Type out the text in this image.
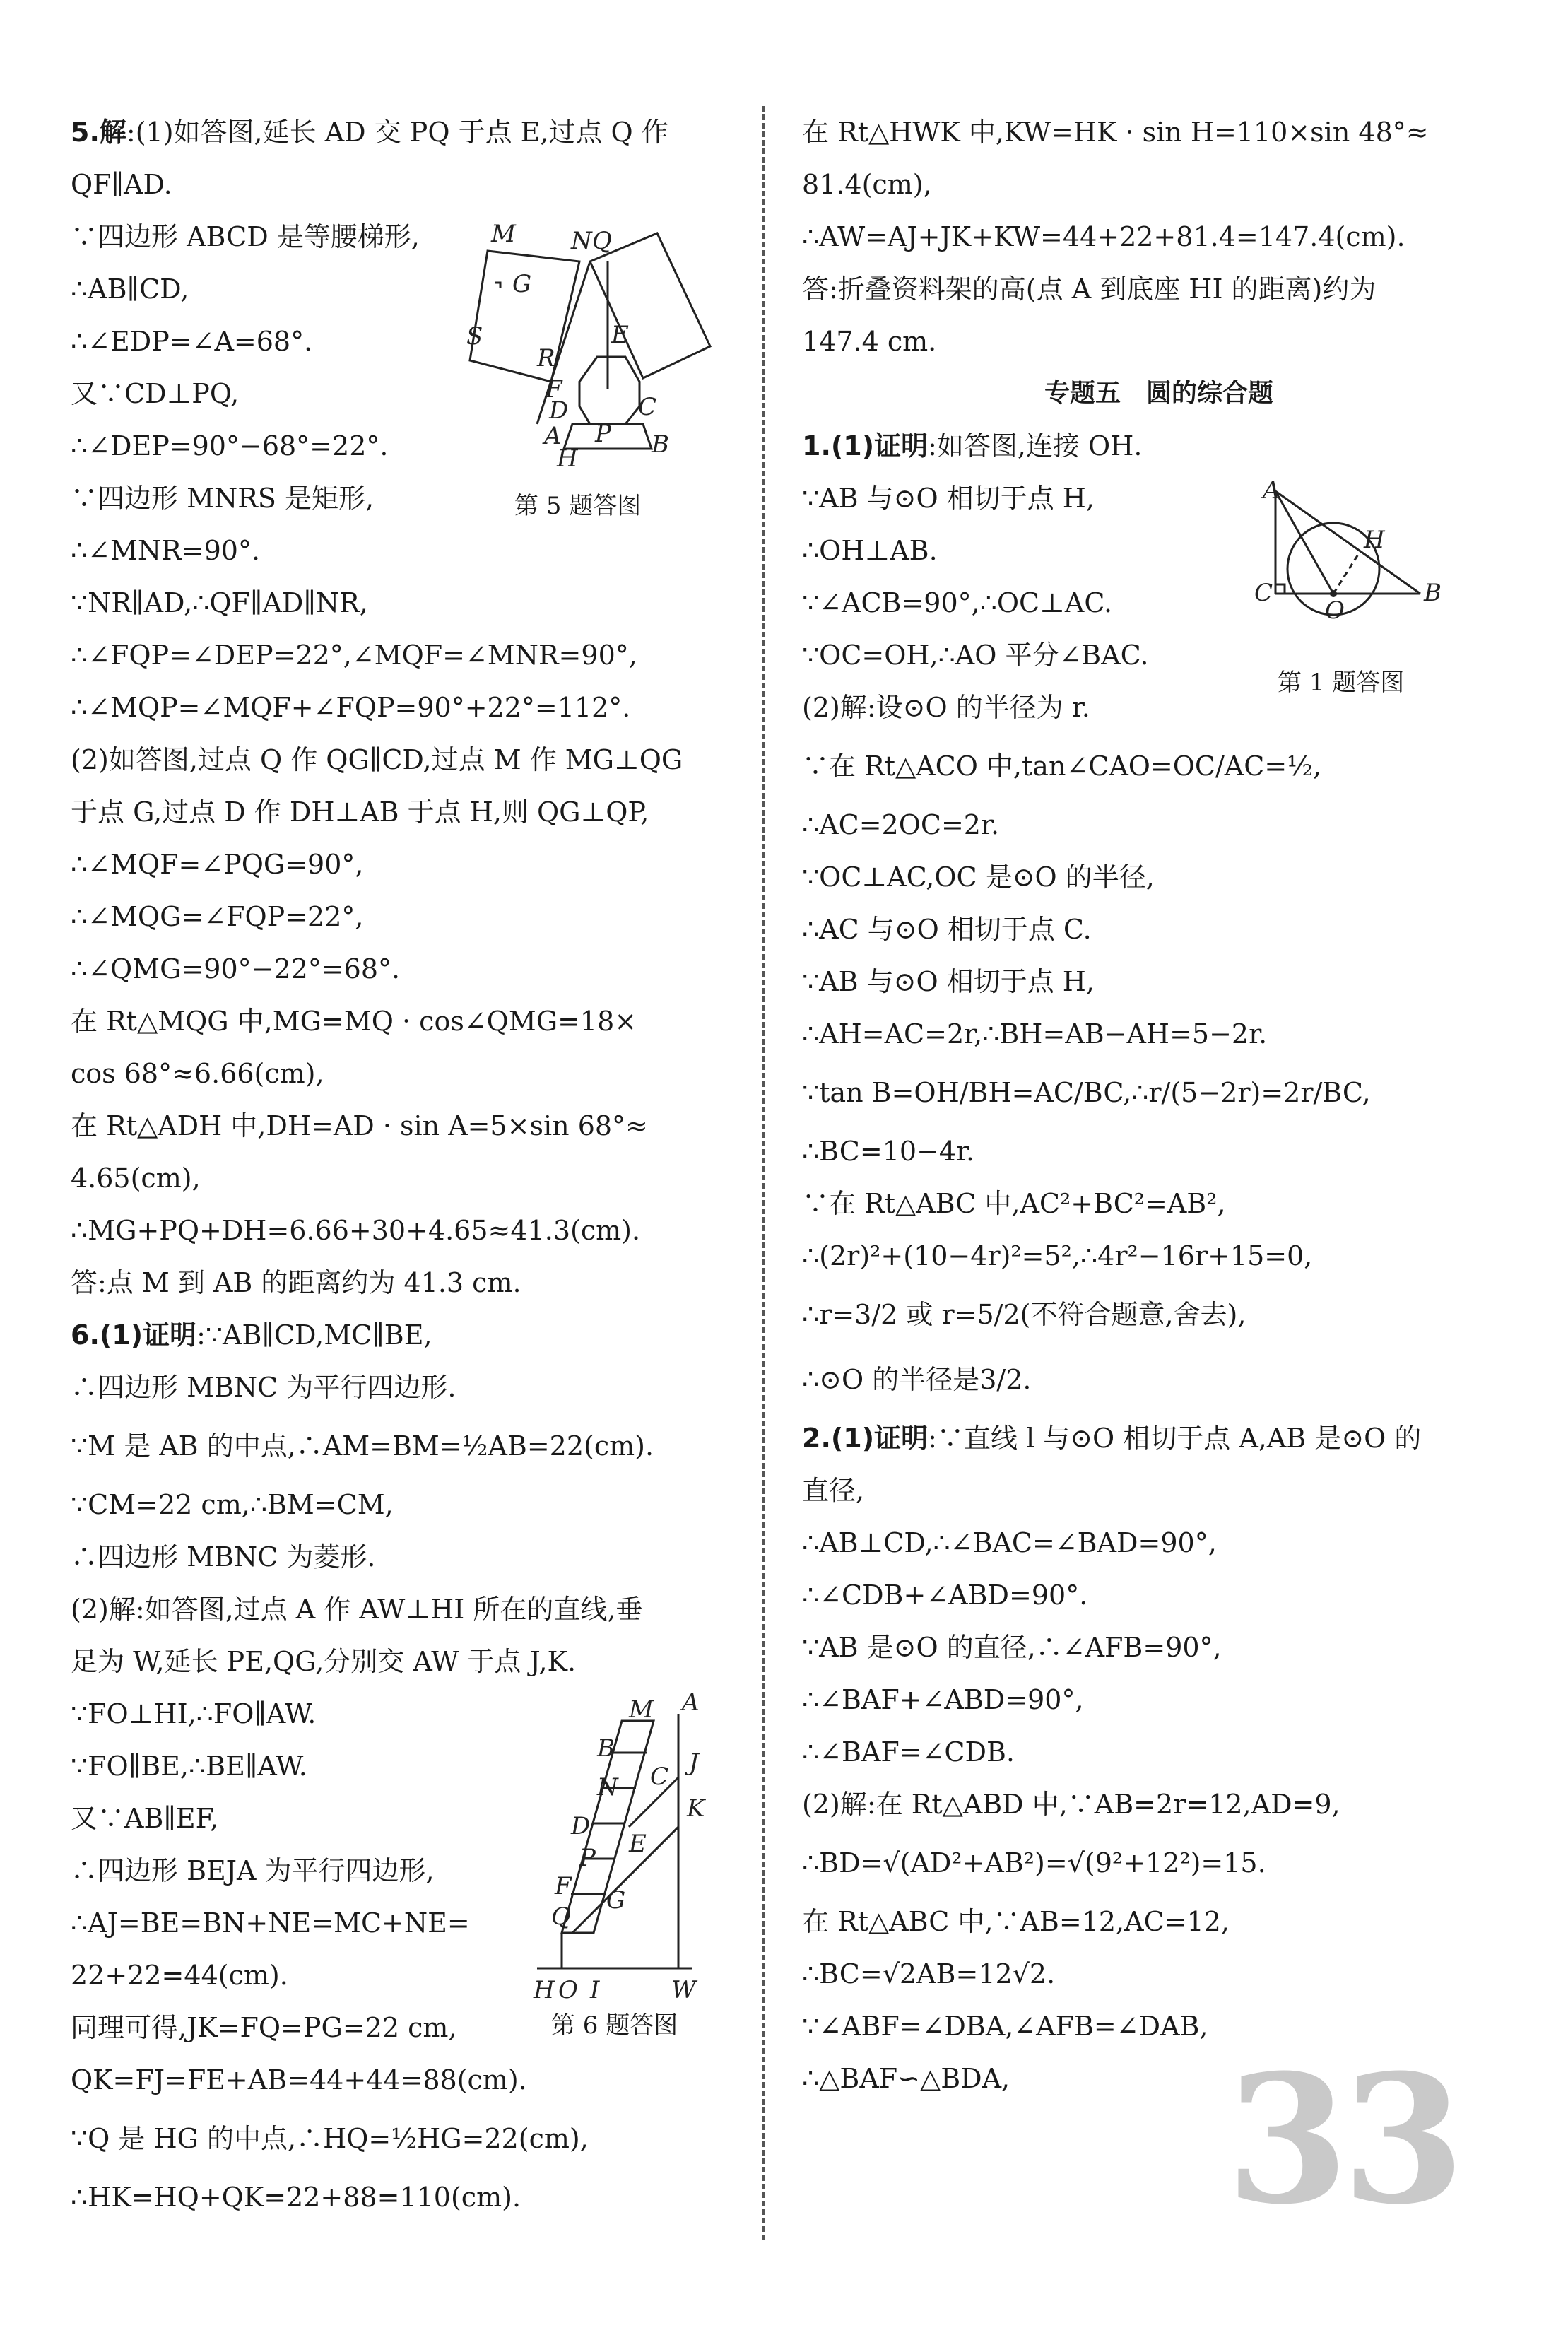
5.解:(1)如答图,延长 AD 交 PQ 于点 E,过点 Q 作
QF∥AD.
∵四边形 ABCD 是等腰梯形,
∴AB∥CD,
∴∠EDP=∠A=68°.
又∵CD⊥PQ,
∴∠DEP=90°−68°=22°.
∵四边形 MNRS 是矩形,
∴∠MNR=90°.
∵NR∥AD,∴QF∥AD∥NR,
∴∠FQP=∠DEP=22°,∠MQF=∠MNR=90°,
∴∠MQP=∠MQF+∠FQP=90°+22°=112°.
(2)如答图,过点 Q 作 QG∥CD,过点 M 作 MG⊥QG
于点 G,过点 D 作 DH⊥AB 于点 H,则 QG⊥QP,
∴∠MQF=∠PQG=90°,
∴∠MQG=∠FQP=22°,
∴∠QMG=90°−22°=68°.
在 Rt△MQG 中,MG=MQ · cos∠QMG=18×
cos 68°≈6.66(cm),
在 Rt△ADH 中,DH=AD · sin A=5×sin 68°≈
4.65(cm),
∴MG+PQ+DH=6.66+30+4.65≈41.3(cm).
答:点 M 到 AB 的距离约为 41.3 cm.
6.(1)证明:∵AB∥CD,MC∥BE,
∴四边形 MBNC 为平行四边形.
∵M 是 AB 的中点,∴AM=BM=½AB=22(cm).
∵CM=22 cm,∴BM=CM,
∴四边形 MBNC 为菱形.
(2)解:如答图,过点 A 作 AW⊥HI 所在的直线,垂
足为 W,延长 PE,QG,分别交 AW 于点 J,K.
∵FO⊥HI,∴FO∥AW.
∵FO∥BE,∴BE∥AW.
又∵AB∥EF,
∴四边形 BEJA 为平行四边形,
∴AJ=BE=BN+NE=MC+NE=
22+22=44(cm).
同理可得,JK=FQ=PG=22 cm,
QK=FJ=FE+AB=44+44=88(cm).
∵Q 是 HG 的中点,∴HQ=½HG=22(cm),
∴HK=HQ+QK=22+88=110(cm).
在 Rt△HWK 中,KW=HK · sin H=110×sin 48°≈
81.4(cm),
∴AW=AJ+JK+KW=44+22+81.4=147.4(cm).
答:折叠资料架的高(点 A 到底座 HI 的距离)约为
147.4 cm.
专题五　圆的综合题
1.(1)证明:如答图,连接 OH.
∵AB 与⊙O 相切于点 H,
∴OH⊥AB.
∵∠ACB=90°,∴OC⊥AC.
∵OC=OH,∴AO 平分∠BAC.
(2)解:设⊙O 的半径为 r.
∵在 Rt△ACO 中,tan∠CAO=OC/AC=½,
∴AC=2OC=2r.
∵OC⊥AC,OC 是⊙O 的半径,
∴AC 与⊙O 相切于点 C.
∵AB 与⊙O 相切于点 H,
∴AH=AC=2r,∴BH=AB−AH=5−2r.
∵tan B=OH/BH=AC/BC,∴r/(5−2r)=2r/BC,
∴BC=10−4r.
∵在 Rt△ABC 中,AC²+BC²=AB²,
∴(2r)²+(10−4r)²=5²,∴4r²−16r+15=0,
∴r=3/2 或 r=5/2(不符合题意,舍去),
∴⊙O 的半径是3/2.
2.(1)证明:∵直线 l 与⊙O 相切于点 A,AB 是⊙O 的
直径,
∴AB⊥CD,∴∠BAC=∠BAD=90°,
∴∠CDB+∠ABD=90°.
∵AB 是⊙O 的直径,∴∠AFB=90°,
∴∠BAF+∠ABD=90°,
∴∠BAF=∠CDB.
(2)解:在 Rt△ABD 中,∵AB=2r=12,AD=9,
∴BD=√(AD²+AB²)=√(9²+12²)=15.
在 Rt△ABC 中,∵AB=12,AC=12,
∴BC=√2AB=12√2.
∵∠ABF=∠DBA,∠AFB=∠DAB,
∴△BAF∽△BDA,
M N Q
G
S	E
R
F
D	C
A P B
H
第 5 题答图
M A
B
C J
N
K
D
E
P
F G
Q
H O I	W
第 6 题答图
A
H
C
O
B
第 1 题答图
33
